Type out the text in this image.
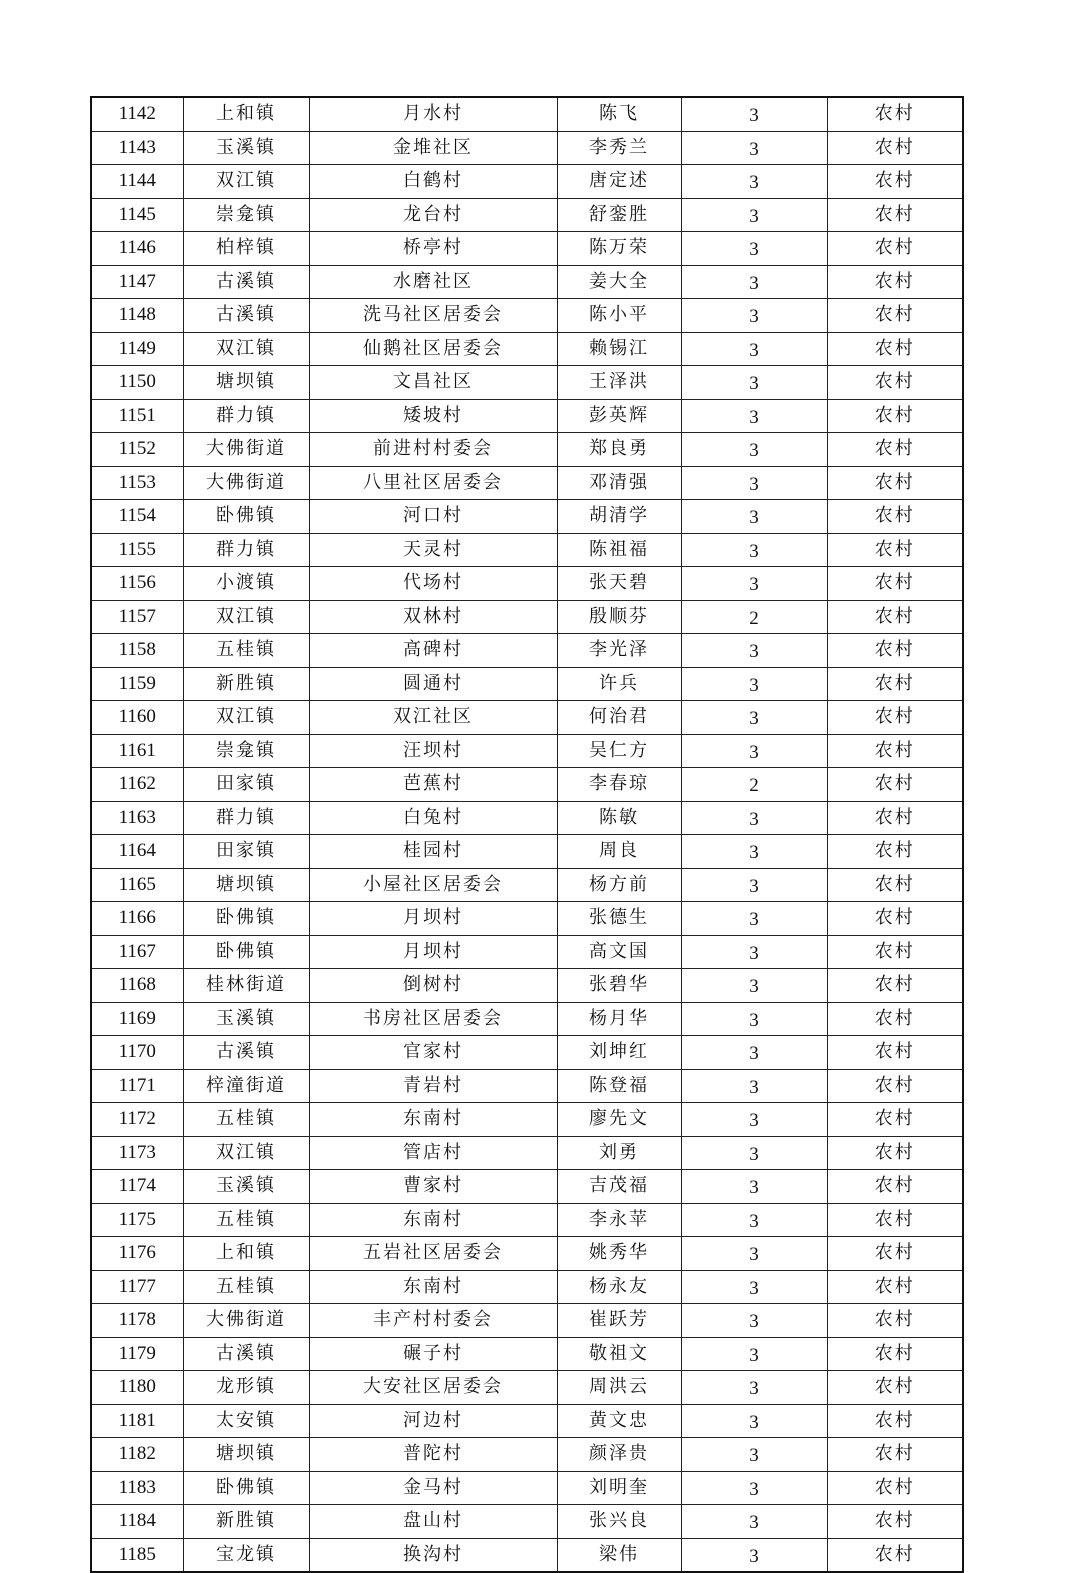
1142	上和镇	月水村	陈飞	3	农村
1143	玉溪镇	金堆社区	李秀兰	3	农村
1144	双江镇	白鹤村	唐定述	3	农村
1145	崇龛镇	龙台村	舒銮胜	3	农村
1146	柏梓镇	桥亭村	陈万荣	3	农村
1147	古溪镇	水磨社区	姜大全	3	农村
1148	古溪镇	洗马社区居委会	陈小平	3	农村
1149	双江镇	仙鹅社区居委会	赖锡江	3	农村
1150	塘坝镇	文昌社区	王泽洪	3	农村
1151	群力镇	矮坡村	彭英辉	3	农村
1152	大佛街道	前进村村委会	郑良勇	3	农村
1153	大佛街道	八里社区居委会	邓清强	3	农村
1154	卧佛镇	河口村	胡清学	3	农村
1155	群力镇	天灵村	陈祖福	3	农村
1156	小渡镇	代场村	张天碧	3	农村
1157	双江镇	双林村	殷顺芬	2	农村
1158	五桂镇	高碑村	李光泽	3	农村
1159	新胜镇	圆通村	许兵	3	农村
1160	双江镇	双江社区	何治君	3	农村
1161	崇龛镇	汪坝村	吴仁方	3	农村
1162	田家镇	芭蕉村	李春琼	2	农村
1163	群力镇	白兔村	陈敏	3	农村
1164	田家镇	桂园村	周良	3	农村
1165	塘坝镇	小屋社区居委会	杨方前	3	农村
1166	卧佛镇	月坝村	张德生	3	农村
1167	卧佛镇	月坝村	高文国	3	农村
1168	桂林街道	倒树村	张碧华	3	农村
1169	玉溪镇	书房社区居委会	杨月华	3	农村
1170	古溪镇	官家村	刘坤红	3	农村
1171	梓潼街道	青岩村	陈登福	3	农村
1172	五桂镇	东南村	廖先文	3	农村
1173	双江镇	管店村	刘勇	3	农村
1174	玉溪镇	曹家村	吉茂福	3	农村
1175	五桂镇	东南村	李永苹	3	农村
1176	上和镇	五岩社区居委会	姚秀华	3	农村
1177	五桂镇	东南村	杨永友	3	农村
1178	大佛街道	丰产村村委会	崔跃芳	3	农村
1179	古溪镇	碾子村	敬祖文	3	农村
1180	龙形镇	大安社区居委会	周洪云	3	农村
1181	太安镇	河边村	黄文忠	3	农村
1182	塘坝镇	普陀村	颜泽贵	3	农村
1183	卧佛镇	金马村	刘明奎	3	农村
1184	新胜镇	盘山村	张兴良	3	农村
1185	宝龙镇	换沟村	梁伟	3	农村
